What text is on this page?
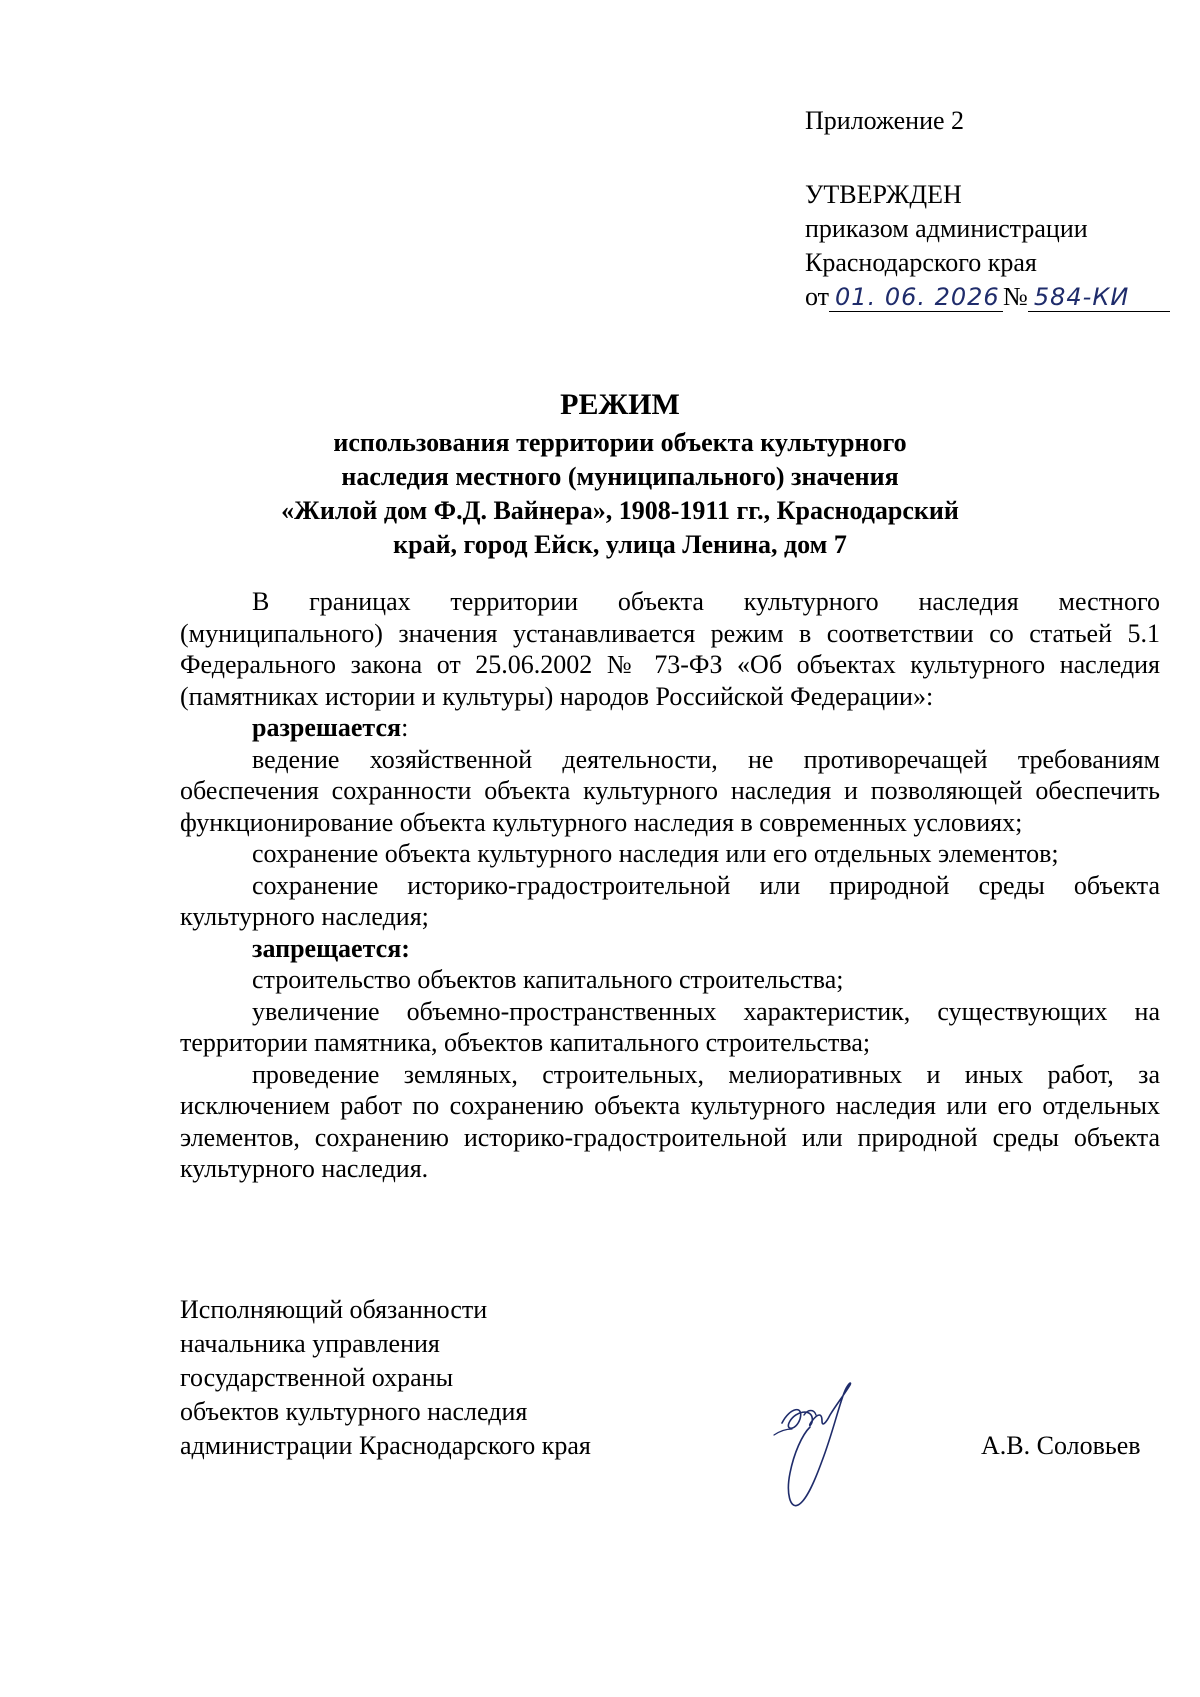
Приложение 2
УТВЕРЖДЕН
приказом администрации
Краснодарского края
от 01. 06. 2026 № 584-КИ
РЕЖИМ
использования территории объекта культурного
наследия местного (муниципального) значения
«Жилой дом Ф.Д. Вайнера», 1908-1911 гг., Краснодарский
край, город Ейск, улица Ленина, дом 7

В границах территории объекта культурного наследия местного (муниципального) значения устанавливается режим в соответствии со статьей 5.1 Федерального закона от 25.06.2002 № 73-ФЗ «Об объектах культурного наследия (памятниках истории и культуры) народов Российской Федерации»:

разрешается:

ведение хозяйственной деятельности, не противоречащей требованиям обеспечения сохранности объекта культурного наследия и позволяющей обеспечить функционирование объекта культурного наследия в современных условиях;

сохранение объекта культурного наследия или его отдельных элементов;

сохранение историко-градостроительной или природной среды объекта культурного наследия;

запрещается:

строительство объектов капитального строительства;

увеличение объемно-пространственных характеристик, существующих на территории памятника, объектов капитального строительства;

проведение земляных, строительных, мелиоративных и иных работ, за исключением работ по сохранению объекта культурного наследия или его отдельных элементов, сохранению историко-градостроительной или природной среды объекта культурного наследия.

Исполняющий обязанности
начальника управления
государственной охраны
объектов культурного наследия
администрации Краснодарского края	А.В. Соловьев
